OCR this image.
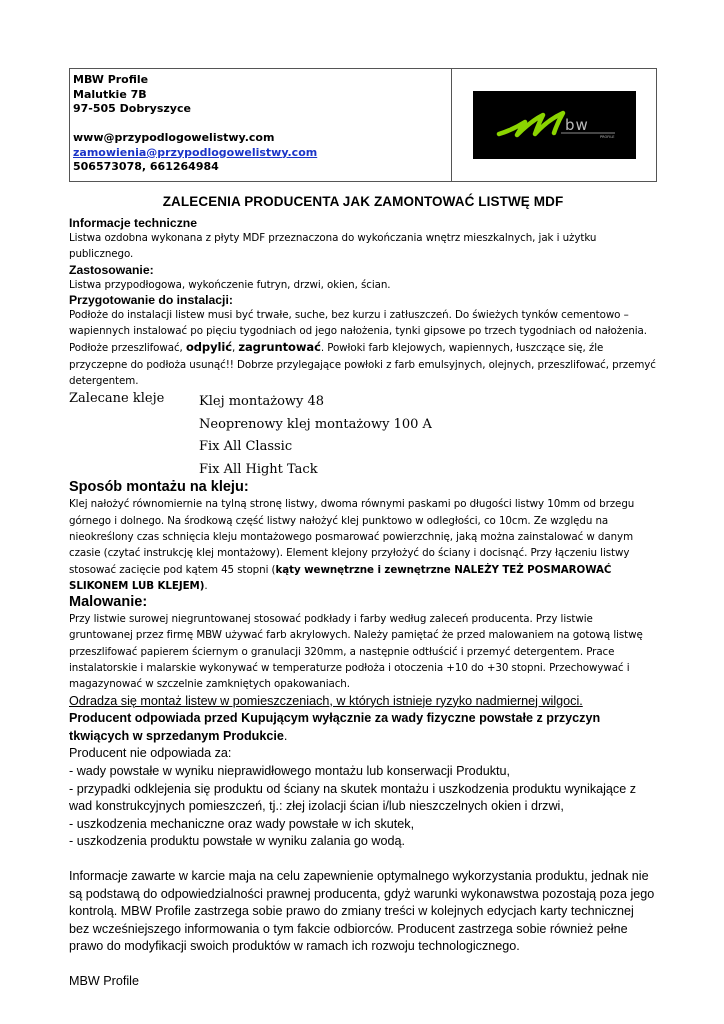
MBW Profile
Malutkie 7B
97-505 Dobryszyce
www@przypodlogowelistwy.com
zamowienia@przypodlogowelistwy.com
506573078, 661264984
bw
PROFILE
ZALECENIA PRODUCENTA JAK ZAMONTOWAĆ LISTWĘ MDF
Informacje techniczne

Listwa ozdobna wykonana z płyty MDF przeznaczona do wykończania wnętrz mieszkalnych, jak i użytku publicznego.

Zastosowanie:

Listwa przypodłogowa, wykończenie futryn, drzwi, okien, ścian.

Przygotowanie do instalacji:

Podłoże do instalacji listew musi być trwałe, suche, bez kurzu i zatłuszczeń. Do świeżych tynków cementowo – wapiennych instalować po pięciu tygodniach od jego nałożenia, tynki gipsowe po trzech tygodniach od nałożenia. Podłoże przeszlifować, odpylić, zagruntować. Powłoki farb klejowych, wapiennych, łuszczące się, źle przyczepne do podłoża usunąć!! Dobrze przylegające powłoki z farb emulsyjnych, olejnych, przeszlifować, przemyć detergentem.

Zalecane kleje	Klej montażowy 48
Neoprenowy klej montażowy 100 A
Fix All Classic
Fix All Hight Tack
Sposób montażu na kleju:

Klej nałożyć równomiernie na tylną stronę listwy, dwoma równymi paskami po długości listwy 10mm od brzegu górnego i dolnego. Na środkową część listwy nałożyć klej punktowo w odległości, co 10cm. Ze względu na nieokreślony czas schnięcia kleju montażowego posmarować powierzchnię, jaką można zainstalować w danym czasie (czytać instrukcję klej montażowy). Element klejony przyłożyć do ściany i docisnąć. Przy łączeniu listwy stosować zacięcie pod kątem 45 stopni (kąty wewnętrzne i zewnętrzne NALEŻY TEŻ POSMAROWAĆ SLIKONEM LUB KLEJEM).

Malowanie:

Przy listwie surowej niegruntowanej stosować podkłady i farby według zaleceń producenta. Przy listwie gruntowanej przez firmę MBW używać farb akrylowych. Należy pamiętać że przed malowaniem na gotową listwę przeszlifować papierem ściernym o granulacji 320mm, a następnie odtłuścić i przemyć detergentem. Prace instalatorskie i malarskie wykonywać w temperaturze podłoża i otoczenia +10 do +30 stopni. Przechowywać i magazynować w szczelnie zamkniętych opakowaniach.

Odradza się montaż listew w pomieszczeniach, w których istnieje ryzyko nadmiernej wilgoci.

Producent odpowiada przed Kupującym wyłącznie za wady fizyczne powstałe z przyczyn tkwiących w sprzedanym Produkcie.

Producent nie odpowiada za:

- wady powstałe w wyniku nieprawidłowego montażu lub konserwacji Produktu,

- przypadki odklejenia się produktu od ściany na skutek montażu i uszkodzenia produktu wynikające z wad konstrukcyjnych pomieszczeń, tj.: złej izolacji ścian i/lub nieszczelnych okien i drzwi,

- uszkodzenia mechaniczne oraz wady powstałe w ich skutek,

- uszkodzenia produktu powstałe w wyniku zalania go wodą.

Informacje zawarte w karcie maja na celu zapewnienie optymalnego wykorzystania produktu, jednak nie są podstawą do odpowiedzialności prawnej producenta, gdyż warunki wykonawstwa pozostają poza jego kontrolą. MBW Profile zastrzega sobie prawo do zmiany treści w kolejnych edycjach karty technicznej bez wcześniejszego informowania o tym fakcie odbiorców. Producent zastrzega sobie również pełne prawo do modyfikacji swoich produktów w ramach ich rozwoju technologicznego.

MBW Profile
